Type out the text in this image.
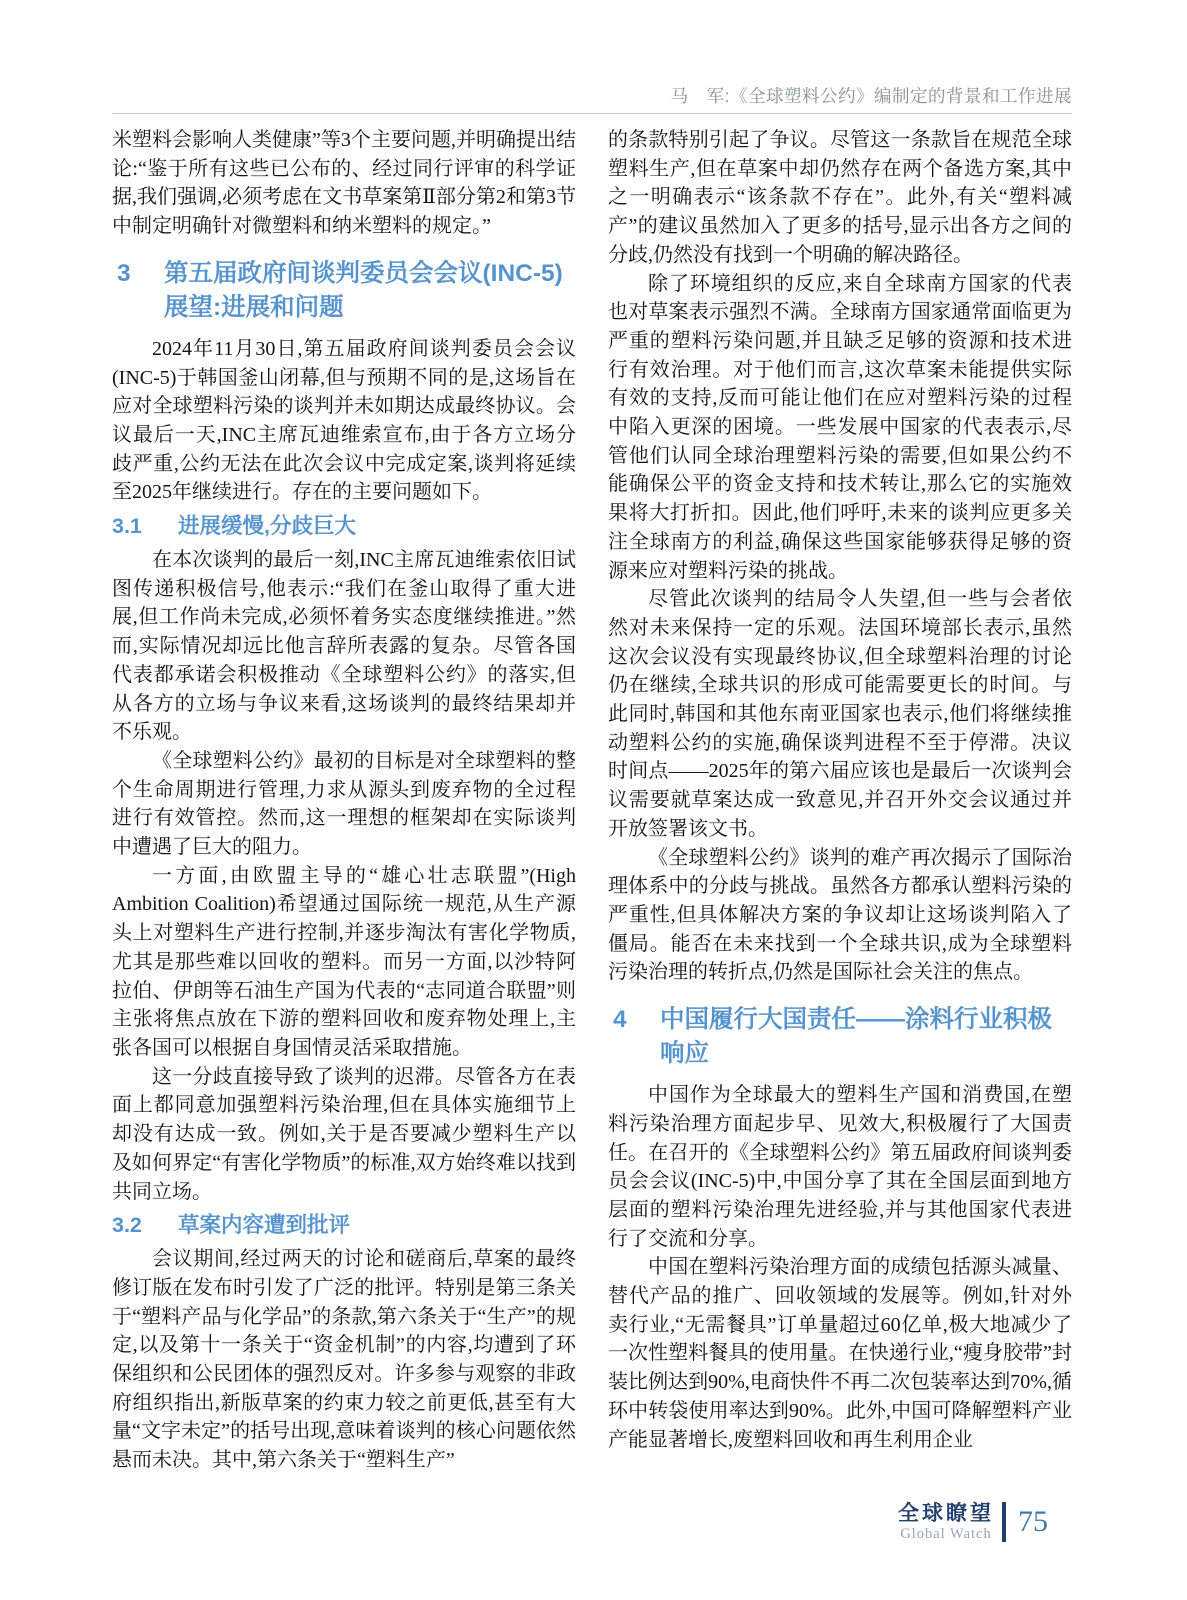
马　军:《全球塑料公约》编制定的背景和工作进展

米塑料会影响人类健康”等3个主要问题,并明确提出结论:“鉴于所有这些已公布的、经过同行评审的科学证据,我们强调,必须考虑在文书草案第Ⅱ部分第2和第3节中制定明确针对微塑料和纳米塑料的规定。”

3	第五届政府间谈判委员会会议(INC-5)展望:进展和问题

2024年11月30日,第五届政府间谈判委员会会议(INC-5)于韩国釜山闭幕,但与预期不同的是,这场旨在应对全球塑料污染的谈判并未如期达成最终协议。会议最后一天,INC主席瓦迪维索宣布,由于各方立场分歧严重,公约无法在此次会议中完成定案,谈判将延续至2025年继续进行。存在的主要问题如下。

3.1	进展缓慢,分歧巨大

在本次谈判的最后一刻,INC主席瓦迪维索依旧试图传递积极信号,他表示:“我们在釜山取得了重大进展,但工作尚未完成,必须怀着务实态度继续推进。”然而,实际情况却远比他言辞所表露的复杂。尽管各国代表都承诺会积极推动《全球塑料公约》的落实,但从各方的立场与争议来看,这场谈判的最终结果却并不乐观。

《全球塑料公约》最初的目标是对全球塑料的整个生命周期进行管理,力求从源头到废弃物的全过程进行有效管控。然而,这一理想的框架却在实际谈判中遭遇了巨大的阻力。

一方面,由欧盟主导的“雄心壮志联盟”(High Ambition Coalition)希望通过国际统一规范,从生产源头上对塑料生产进行控制,并逐步淘汰有害化学物质,尤其是那些难以回收的塑料。而另一方面,以沙特阿拉伯、伊朗等石油生产国为代表的“志同道合联盟”则主张将焦点放在下游的塑料回收和废弃物处理上,主张各国可以根据自身国情灵活采取措施。

这一分歧直接导致了谈判的迟滞。尽管各方在表面上都同意加强塑料污染治理,但在具体实施细节上却没有达成一致。例如,关于是否要减少塑料生产以及如何界定“有害化学物质”的标准,双方始终难以找到共同立场。

3.2	草案内容遭到批评

会议期间,经过两天的讨论和磋商后,草案的最终修订版在发布时引发了广泛的批评。特别是第三条关于“塑料产品与化学品”的条款,第六条关于“生产”的规定,以及第十一条关于“资金机制”的内容,均遭到了环保组织和公民团体的强烈反对。许多参与观察的非政府组织指出,新版草案的约束力较之前更低,甚至有大量“文字未定”的括号出现,意味着谈判的核心问题依然悬而未决。其中,第六条关于“塑料生产”

的条款特别引起了争议。尽管这一条款旨在规范全球塑料生产,但在草案中却仍然存在两个备选方案,其中之一明确表示“该条款不存在”。此外,有关“塑料减产”的建议虽然加入了更多的括号,显示出各方之间的分歧,仍然没有找到一个明确的解决路径。

除了环境组织的反应,来自全球南方国家的代表也对草案表示强烈不满。全球南方国家通常面临更为严重的塑料污染问题,并且缺乏足够的资源和技术进行有效治理。对于他们而言,这次草案未能提供实际有效的支持,反而可能让他们在应对塑料污染的过程中陷入更深的困境。一些发展中国家的代表表示,尽管他们认同全球治理塑料污染的需要,但如果公约不能确保公平的资金支持和技术转让,那么它的实施效果将大打折扣。因此,他们呼吁,未来的谈判应更多关注全球南方的利益,确保这些国家能够获得足够的资源来应对塑料污染的挑战。

尽管此次谈判的结局令人失望,但一些与会者依然对未来保持一定的乐观。法国环境部长表示,虽然这次会议没有实现最终协议,但全球塑料治理的讨论仍在继续,全球共识的形成可能需要更长的时间。与此同时,韩国和其他东南亚国家也表示,他们将继续推动塑料公约的实施,确保谈判进程不至于停滞。决议时间点——2025年的第六届应该也是最后一次谈判会议需要就草案达成一致意见,并召开外交会议通过并开放签署该文书。

《全球塑料公约》谈判的难产再次揭示了国际治理体系中的分歧与挑战。虽然各方都承认塑料污染的严重性,但具体解决方案的争议却让这场谈判陷入了僵局。能否在未来找到一个全球共识,成为全球塑料污染治理的转折点,仍然是国际社会关注的焦点。

4	中国履行大国责任——涂料行业积极响应

中国作为全球最大的塑料生产国和消费国,在塑料污染治理方面起步早、见效大,积极履行了大国责任。在召开的《全球塑料公约》第五届政府间谈判委员会会议(INC-5)中,中国分享了其在全国层面到地方层面的塑料污染治理先进经验,并与其他国家代表进行了交流和分享。

中国在塑料污染治理方面的成绩包括源头减量、替代产品的推广、回收领域的发展等。例如,针对外卖行业,“无需餐具”订单量超过60亿单,极大地减少了一次性塑料餐具的使用量。在快递行业,“瘦身胶带”封装比例达到90%,电商快件不再二次包装率达到70%,循环中转袋使用率达到90%。此外,中国可降解塑料产业产能显著增长,废塑料回收和再生利用企业

全球瞭望
Global Watch 75
